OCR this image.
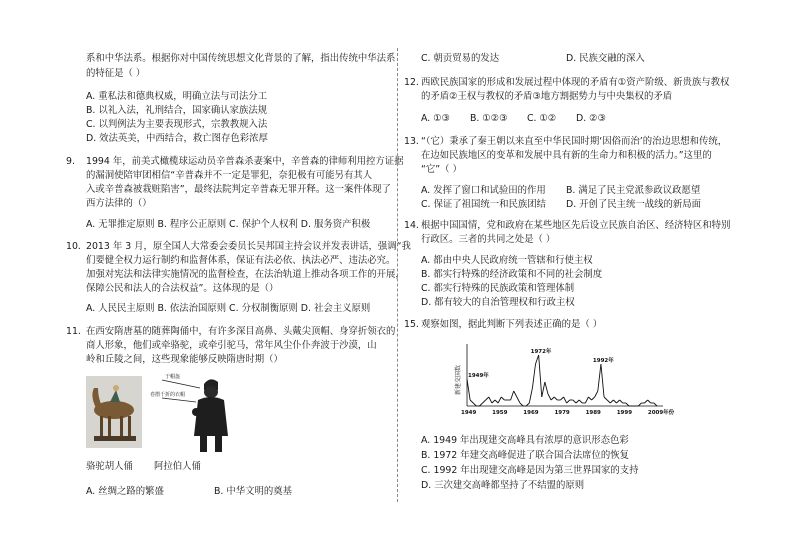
系和中华法系。根据你对中国传统思想文化背景的了解，指出传统中华法系
的特征是（ ）
A. 重私法和德典权威，明确立法与司法分工
B. 以礼入法，礼刑结合，国家确认家族法规
C. 以判例法为主要表现形式，宗教教规入法
D. 效法英美，中西结合，救亡图存色彩浓厚
9. 1994 年，前美式橄榄球运动员辛普森杀妻案中，辛普森的律师利用控方证据
的漏洞使陪审团相信“辛普森并不一定是罪犯，奈犯极有可能另有其人
入或辛普森被栽赃陷害”，最终法院判定辛普森无罪开释。这一案件体现了
西方法律的（）
A. 无罪推定原则 B. 程序公正原则 C. 保护个人权利 D. 服务资产积极
10. 2013 年 3 月，原全国人大常委会委员长吴邦国主持会议并发表讲话，强调“我
们要健全权力运行制约和监督体系，保证有法必依、执法必严、违法必究。
加强对宪法和法律实施情况的监督检查，在法治轨道上推动各项工作的开展，
保障公民和法人的合法权益”。这体现的是（）
A. 人民民主原则 B. 依法治国原则 C. 分权制衡原则 D. 社会主义原则
11. 在西安隋唐墓的随葬陶俑中，有许多深目高鼻、头戴尖顶帽、身穿折领衣的
商人形象，他们或牵骆驼，或牵引驼马，常年风尘仆仆奔波于沙漠，山
岭和丘陵之间，这些现象能够反映隋唐时期（）
于帽盔
卷摺千折的衣帽
骆驼胡人俑 阿拉伯人俑
A. 丝绸之路的繁盛	B. 中华文明的奠基
C. 朝贡贸易的发达	D. 民族交融的深入
12. 西欧民族国家的形成和发展过程中体现的矛盾有①资产阶级、新贵族与教权
的矛盾②王权与教权的矛盾③地方割据势力与中央集权的矛盾
A. ①③ B. ①②③ C. ①② D. ②③
13. “（它）秉承了秦王朝以来直至中华民国时期‘因俗而治’的治边思想和传统，
在边如民族地区的变革和发展中具有新的生命力和积极的活力。”这里的
“它”（ ）
A. 发挥了窗口和试验田的作用 B. 满足了民主党派参政议政愿望
C. 保证了祖国统一和民族团结 D. 开创了民主统一战线的新局面
14. 根据中国国情，党和政府在某些地区先后设立民族自治区、经济特区和特别
行政区。三者的共同之处是（ ）
A. 都由中央人民政府统一管辖和行使主权
B. 都实行特殊的经济政策和不同的社会制度
C. 都实行特殊的民族政策和管理体制
D. 都有较大的自治管理权和行政主权
15. 观察如图，据此判断下列表述正确的是（ ）
新建交国数
1949	1959	1969	1979	1989	1999	2009年份
1949年
1972年
1992年
A. 1949 年出现建交高峰具有浓厚的意识形态色彩
B. 1972 年建交高峰促进了联合国合法席位的恢复
C. 1992 年出现建交高峰是因为第三世界国家的支持
D. 三次建交高峰都坚持了不结盟的原则
